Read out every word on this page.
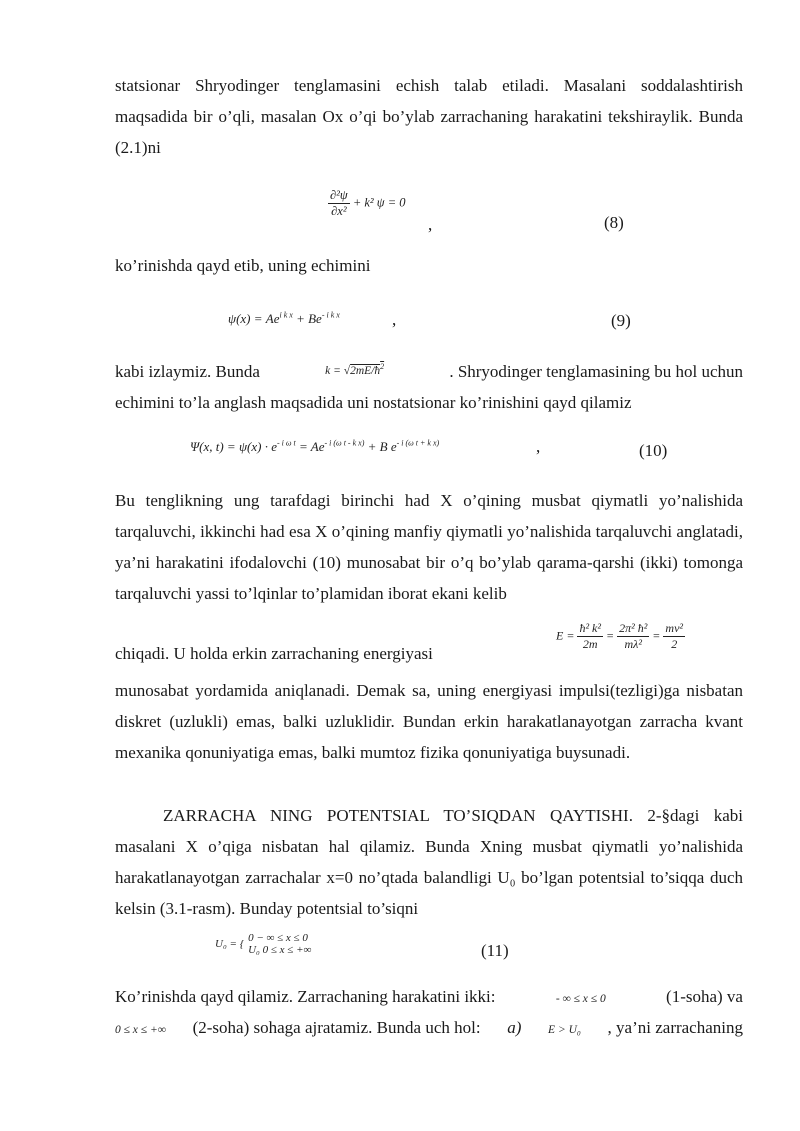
statsionar Shryodinger tenglamasini echish talab etiladi. Masalani soddalashtirish maqsadida bir o’qli, masalan Ox o’qi bo’ylab zarrachaning harakatini tekshiraylik. Bunda (2.1)ni

$\frac{\text{∂²ψ}}{\text{∂x²}} + k^2$ ψ = 0
,	(8)
ko’rinishda qayd etib, uning echimini
$\psi(x) = Ae^{i k x} + Be^{- i k x}$	,	(9)
kabi izlaymiz. Bunda	$k = √2mE/ħ^2$	. Shryodinger tenglamasining bu hol uchun
echimini to’la anglash maqsadida uni nostatsionar ko’rinishini qayd qilamiz
Ψ(x, $t) = \psi(x) \cdot e^{- i \omega t} = Ae^{- i (\omega t - k x)} + B$ $e^{- i (\omega t + k x)}$	,	(10)

Bu tenglikning ung tarafdagi birinchi had X o’qining musbat qiymatli yo’nalishida tarqaluvchi, ikkinchi had esa X o’qining manfiy qiymatli yo’nalishida tarqaluvchi anglatadi, ya’ni harakatini ifodalovchi (10) munosabat bir o’q bo’ylab qarama-qarshi (ikki) tomonga tarqaluvchi yassi to’lqinlar to’plamidan iborat ekani kelib

chiqadi. U holda erkin zarrachaning energiyasi
$E = \frac{\text{ħ² k²}}{2m} = \frac{\text{2π² ħ²}}{\text{mλ²}} = \frac{\text{mv²}}{2}$

munosabat yordamida aniqlanadi. Demak sa, uning energiyasi impulsi(tezligi)ga nisbatan diskret (uzlukli) emas, balki uzluklidir. Bundan erkin harakatlanayotgan zarracha kvant mexanika qonuniyatiga emas, balki mumtoz fizika qonuniyatiga buysunadi.

ZARRACHA NING POTENTSIAL TO’SIQDAN QAYTISHI. 2-§dagi kabi masalani X o’qiga nisbatan hal qilamiz. Bunda Xning musbat qiymatli yo’nalishida harakatlanayotgan zarrachalar x=0 no’qtada balandligi U₀ bo’lgan potentsial to’siqqa duch kelsin (3.1-rasm). Bunday potentsial to’siqni

U₀ = { 0 − ∞ ≤ x ≤ 0
U₀ 0 ≤ x ≤ +∞	(11)
Ko’rinishda qayd qilamiz. Zarrachaning harakatini ikki:	- ∞ ≤ x ≤ 0	(1-soha) va
0 ≤ x ≤ +∞ (2-soha) sohaga ajratamiz. Bunda uch hol: a) E > U₀ , ya’ni zarrachaning
